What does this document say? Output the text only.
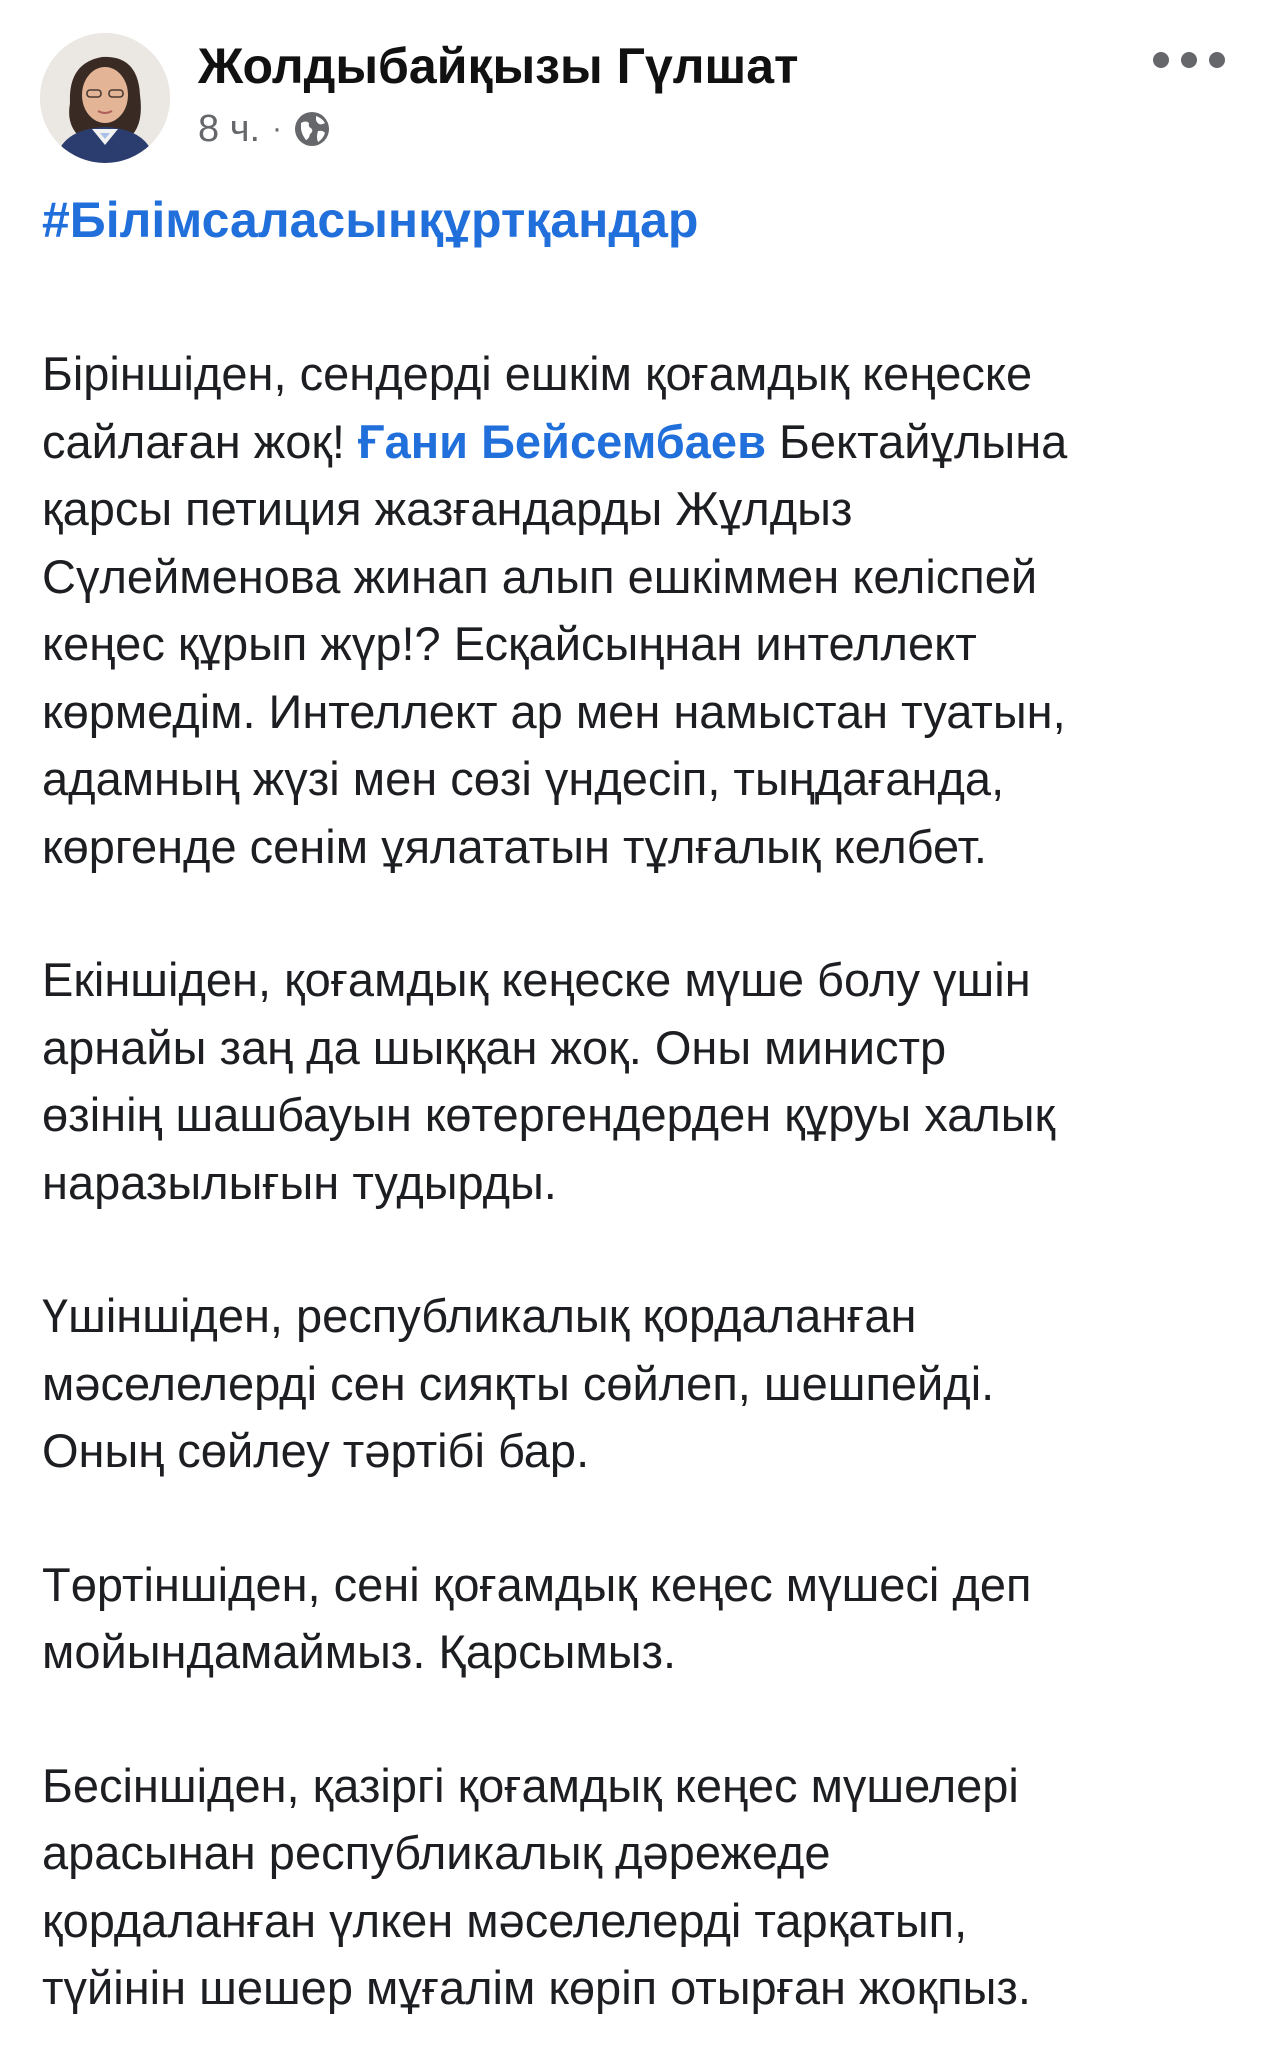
Жолдыбайқызы Гүлшат
8 ч. ·
#Білімсаласынқұртқандар

Біріншіден, сендерді ешкім қоғамдық кеңеске
сайлаған жоқ! Ғани Бейсембаев Бектайұлына
қарсы петиция жазғандарды Жұлдыз
Сүлейменова жинап алып ешкіммен келіспей
кеңес құрып жүр!? Есқайсыңнан интеллект
көрмедім. Интеллект ар мен намыстан туатын,
адамның жүзі мен сөзі үндесіп, тыңдағанда,
көргенде сенім ұялататын тұлғалық келбет.

Екіншіден, қоғамдық кеңеске мүше болу үшін
арнайы заң да шыққан жоқ. Оны министр
өзінің шашбауын көтергендерден құруы халық
наразылығын тудырды.

Үшіншіден, республикалық қордаланған
мәселелерді сен сияқты сөйлеп, шешпейді.
Оның сөйлеу тәртібі бар.

Төртіншіден, сені қоғамдық кеңес мүшесі деп
мойындамаймыз. Қарсымыз.

Бесіншіден, қазіргі қоғамдық кеңес мүшелері
арасынан республикалық дәрежеде
қордаланған үлкен мәселелерді тарқатып,
түйінін шешер мұғалім көріп отырған жоқпыз.
